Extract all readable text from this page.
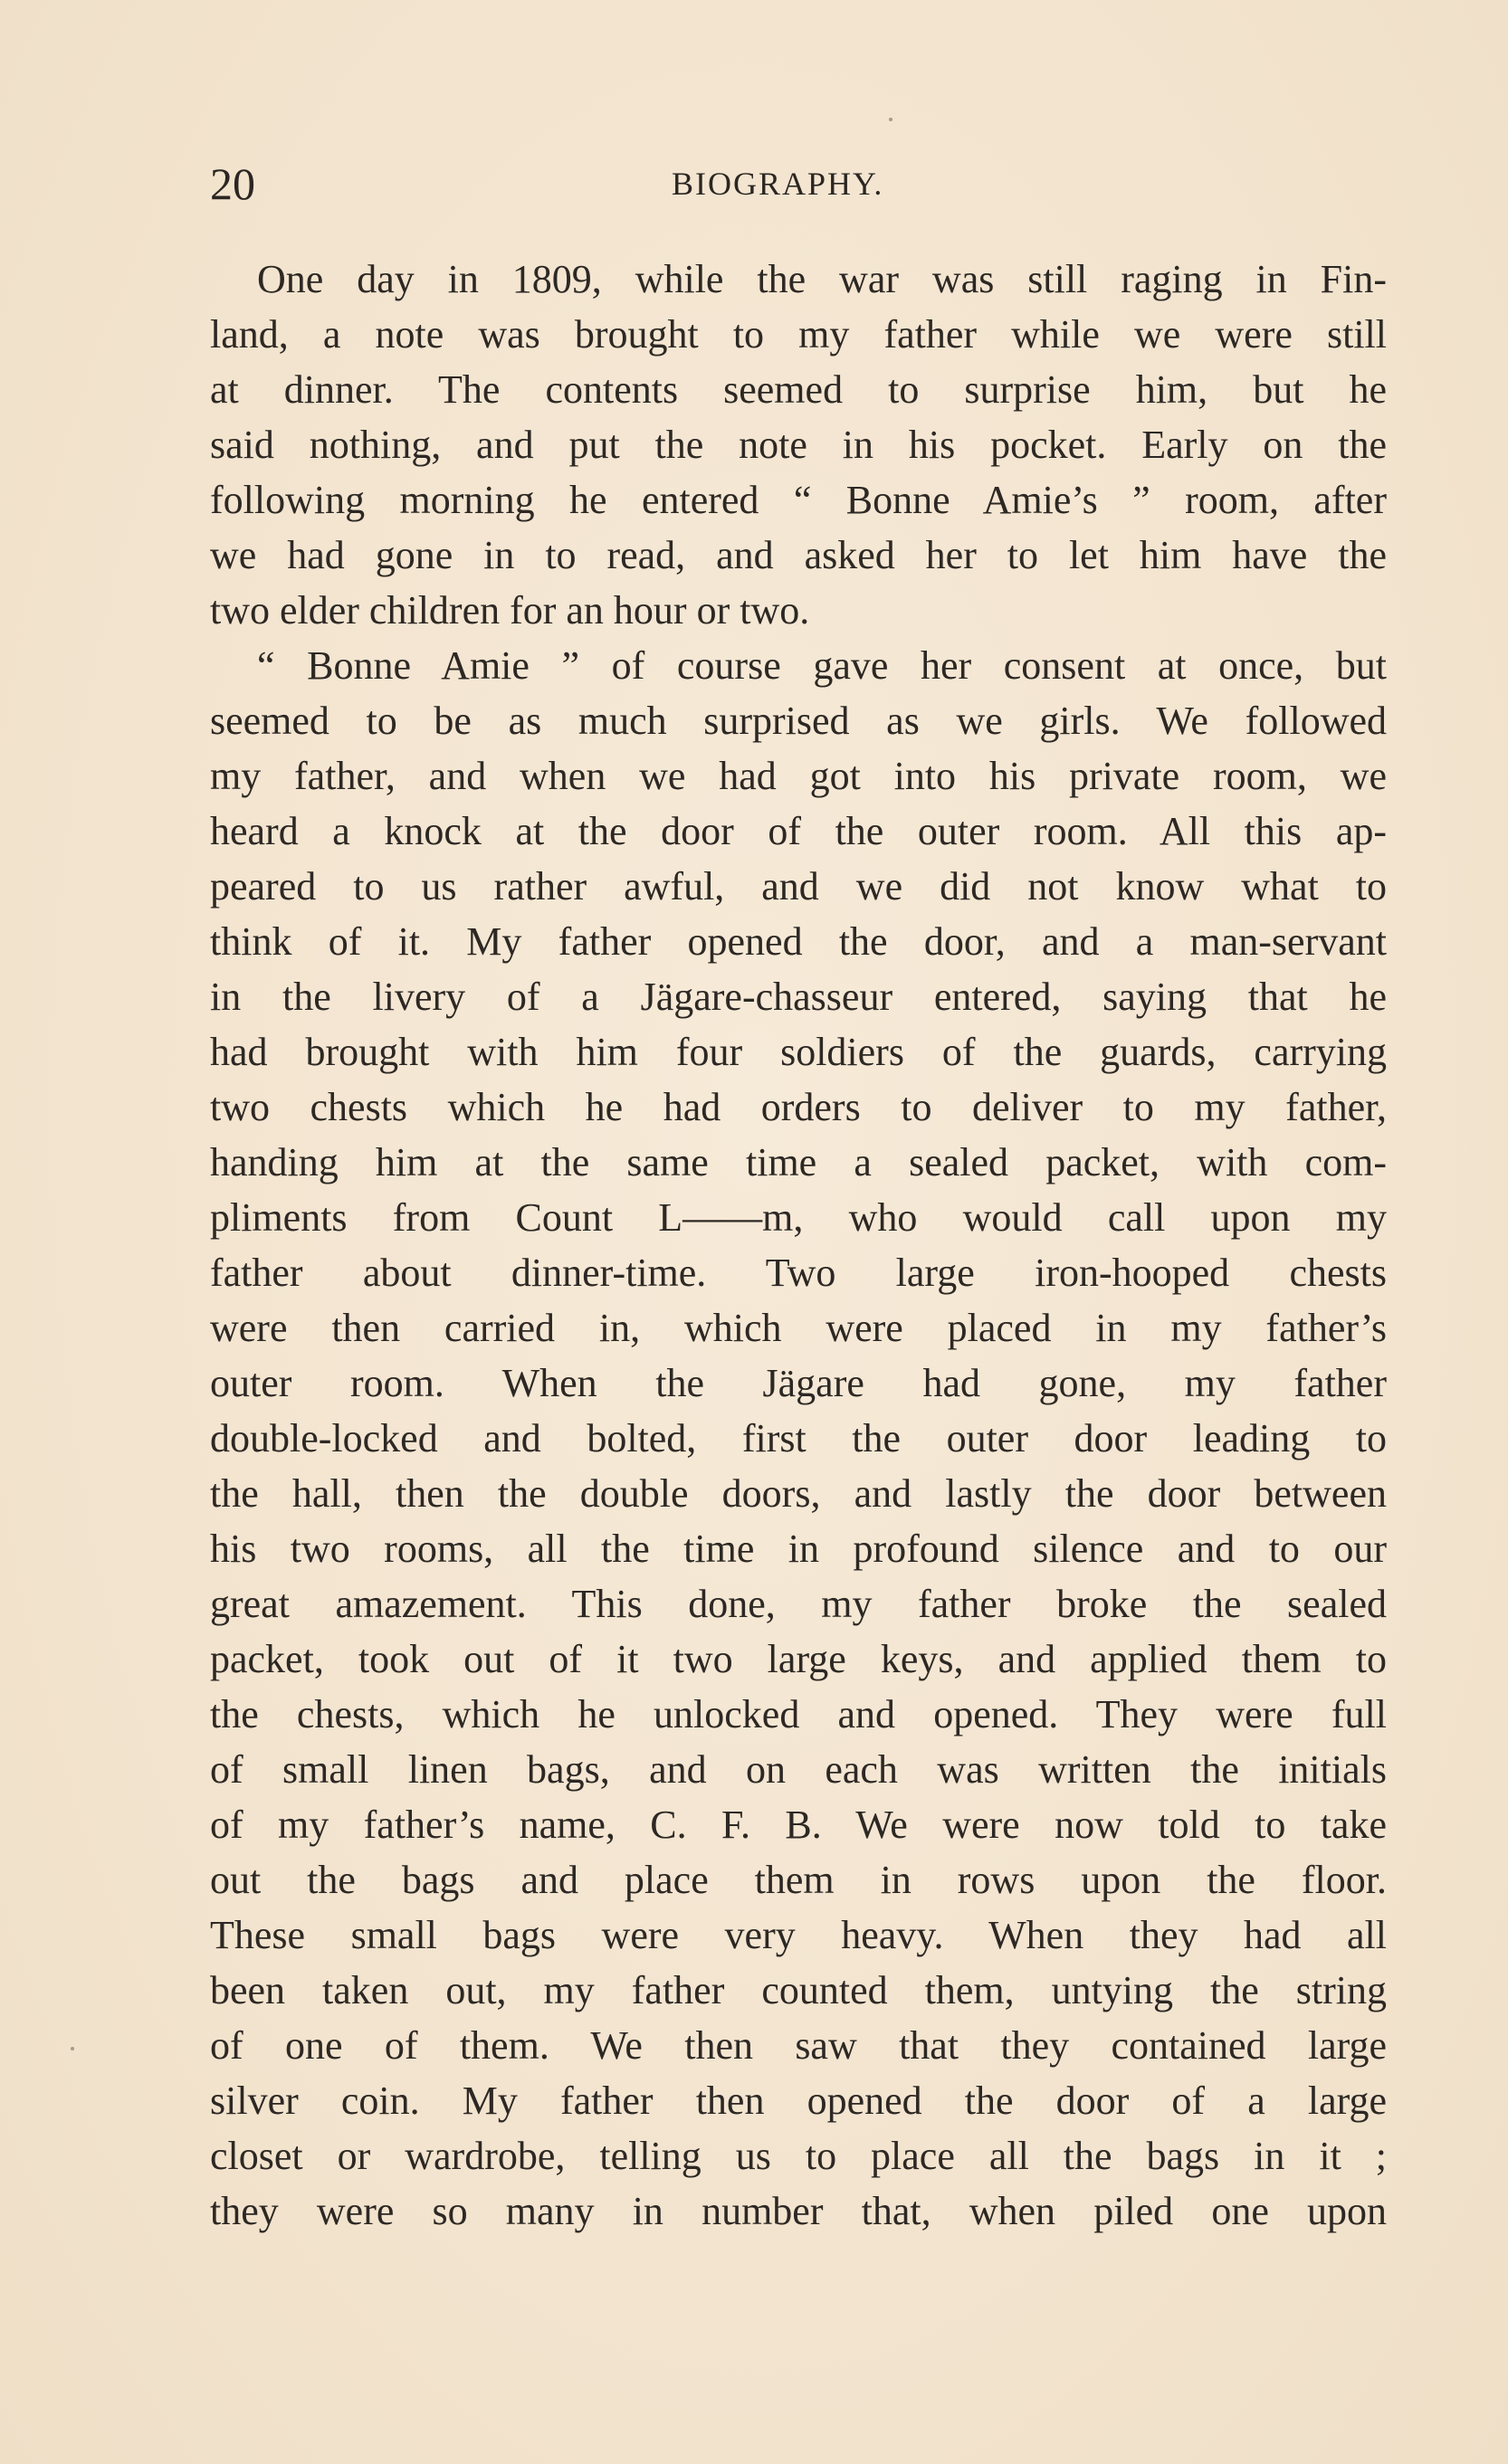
20	BIOGRAPHY.
One day in 1809, while the war was still raging in Fin-
land, a note was brought to my father while we were still
at dinner. The contents seemed to surprise him, but he
said nothing, and put the note in his pocket. Early on the
following morning he entered “ Bonne Amie’s ” room, after
we had gone in to read, and asked her to let him have the
two elder children for an hour or two.
“ Bonne Amie ” of course gave her consent at once, but
seemed to be as much surprised as we girls. We followed
my father, and when we had got into his private room, we
heard a knock at the door of the outer room. All this ap-
peared to us rather awful, and we did not know what to
think of it. My father opened the door, and a man-servant
in the livery of a Jägare-chasseur entered, saying that he
had brought with him four soldiers of the guards, carrying
two chests which he had orders to deliver to my father,
handing him at the same time a sealed packet, with com-
pliments from Count L——m, who would call upon my
father about dinner-time. Two large iron-hooped chests
were then carried in, which were placed in my father’s
outer room. When the Jägare had gone, my father
double-locked and bolted, first the outer door leading to
the hall, then the double doors, and lastly the door between
his two rooms, all the time in profound silence and to our
great amazement. This done, my father broke the sealed
packet, took out of it two large keys, and applied them to
the chests, which he unlocked and opened. They were full
of small linen bags, and on each was written the initials
of my father’s name, C. F. B. We were now told to take
out the bags and place them in rows upon the floor.
These small bags were very heavy. When they had all
been taken out, my father counted them, untying the string
of one of them. We then saw that they contained large
silver coin. My father then opened the door of a large
closet or wardrobe, telling us to place all the bags in it ;
they were so many in number that, when piled one upon
